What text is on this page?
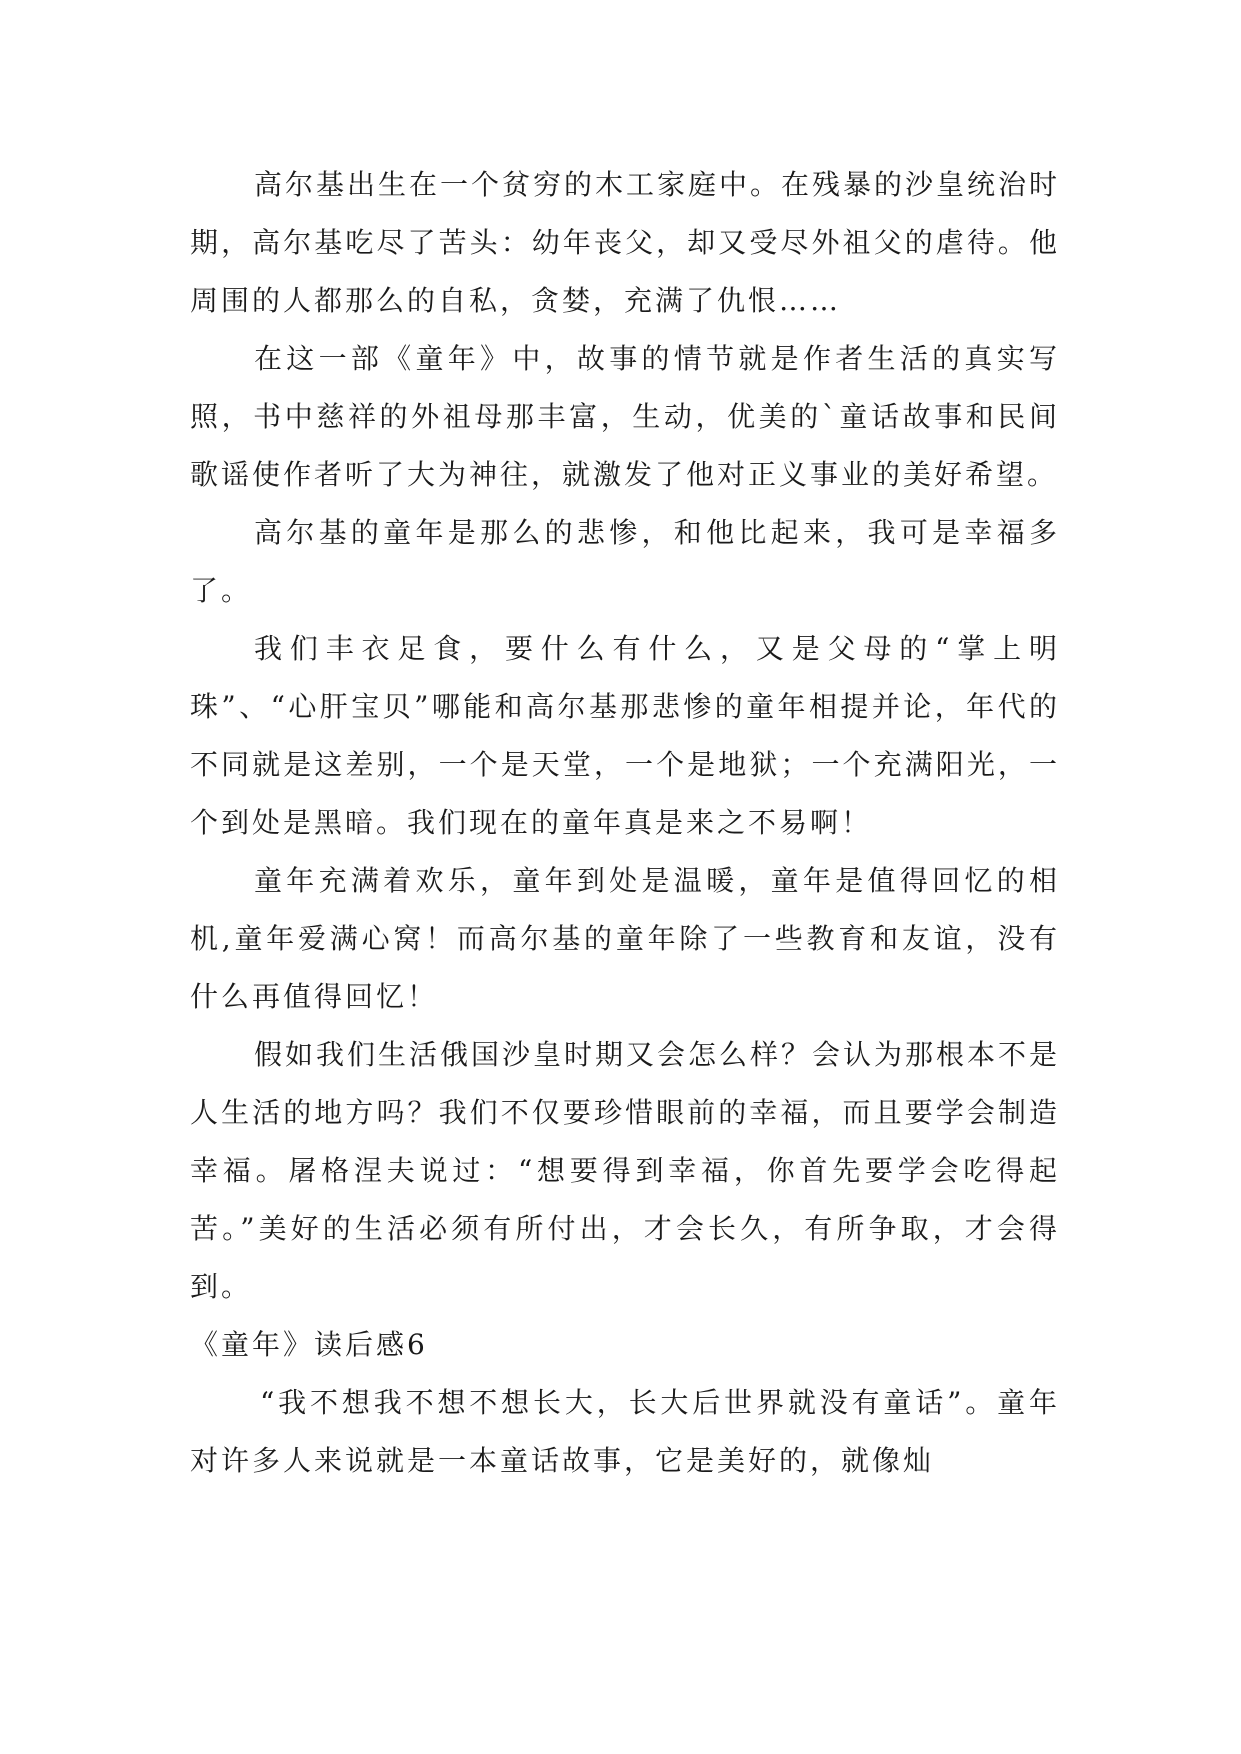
高尔基出生在一个贫穷的木工家庭中。在残暴的沙皇统治时期，高尔基吃尽了苦头：幼年丧父，却又受尽外祖父的虐待。他周围的人都那么的自私，贪婪，充满了仇恨……

在这一部《童年》中，故事的情节就是作者生活的真实写照，书中慈祥的外祖母那丰富，生动，优美的`童话故事和民间歌谣使作者听了大为神往，就激发了他对正义事业的美好希望。

高尔基的童年是那么的悲惨，和他比起来，我可是幸福多了。

我们丰衣足食，要什么有什么，又是父母的“掌上明珠”、“心肝宝贝”哪能和高尔基那悲惨的童年相提并论，年代的不同就是这差别，一个是天堂，一个是地狱；一个充满阳光，一个到处是黑暗。我们现在的童年真是来之不易啊！

童年充满着欢乐，童年到处是温暖，童年是值得回忆的相机,童年爱满心窝！而高尔基的童年除了一些教育和友谊，没有什么再值得回忆！

假如我们生活俄国沙皇时期又会怎么样？会认为那根本不是人生活的地方吗？我们不仅要珍惜眼前的幸福，而且要学会制造幸福。屠格涅夫说过：“想要得到幸福，你首先要学会吃得起苦。”美好的生活必须有所付出，才会长久，有所争取，才会得到。

《童年》读后感6

“我不想我不想不想长大，长大后世界就没有童话”。童年对许多人来说就是一本童话故事，它是美好的，就像灿
